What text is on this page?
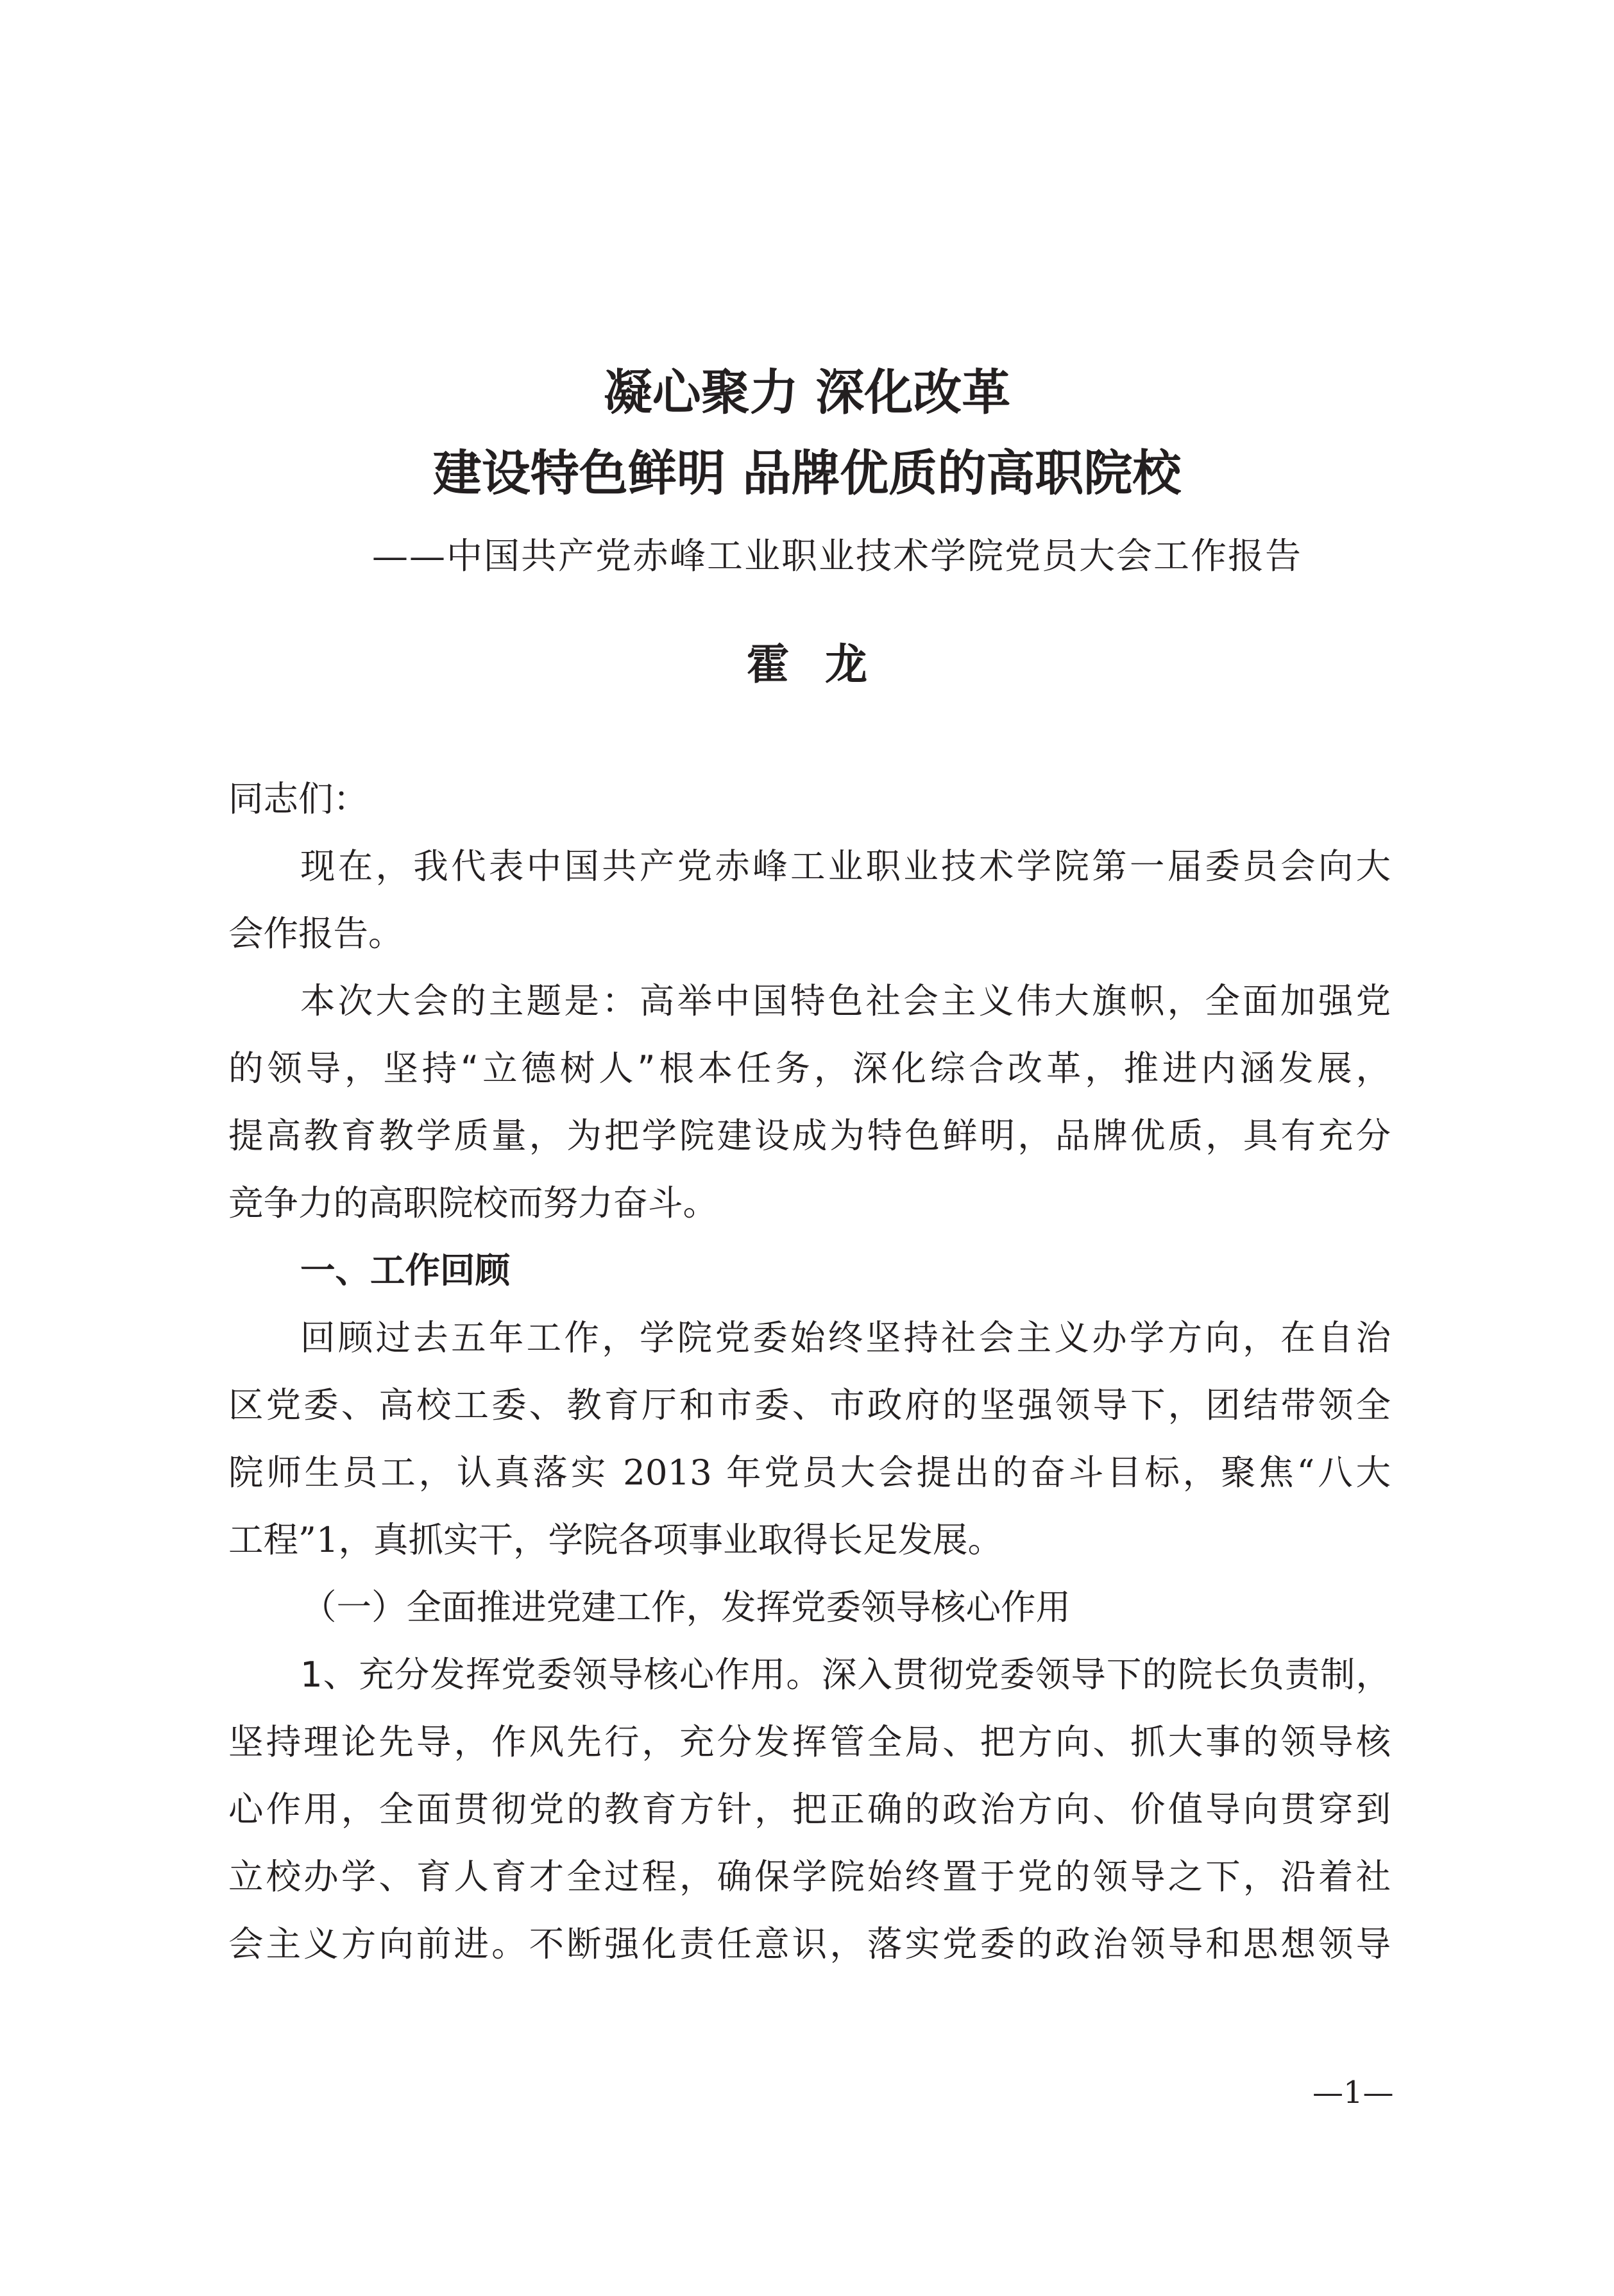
凝心聚力 深化改革
建设特色鲜明 品牌优质的高职院校
——中国共产党赤峰工业职业技术学院党员大会工作报告
霍龙
同志们：
现在，我代表中国共产党赤峰工业职业技术学院第一届委员会向大
会作报告。
本次大会的主题是：高举中国特色社会主义伟大旗帜，全面加强党
的领导，坚持“立德树人”根本任务，深化综合改革，推进内涵发展，
提高教育教学质量，为把学院建设成为特色鲜明，品牌优质，具有充分
竞争力的高职院校而努力奋斗。
一、工作回顾
回顾过去五年工作，学院党委始终坚持社会主义办学方向，在自治
区党委、高校工委、教育厅和市委、市政府的坚强领导下，团结带领全
院师生员工，认真落实 2013 年党员大会提出的奋斗目标，聚焦“八大
工程”1，真抓实干，学院各项事业取得长足发展。
（一）全面推进党建工作，发挥党委领导核心作用
1、充分发挥党委领导核心作用。深入贯彻党委领导下的院长负责制，
坚持理论先导，作风先行，充分发挥管全局、把方向、抓大事的领导核
心作用，全面贯彻党的教育方针，把正确的政治方向、价值导向贯穿到
立校办学、育人育才全过程，确保学院始终置于党的领导之下，沿着社
会主义方向前进。不断强化责任意识，落实党委的政治领导和思想领导
—1—
